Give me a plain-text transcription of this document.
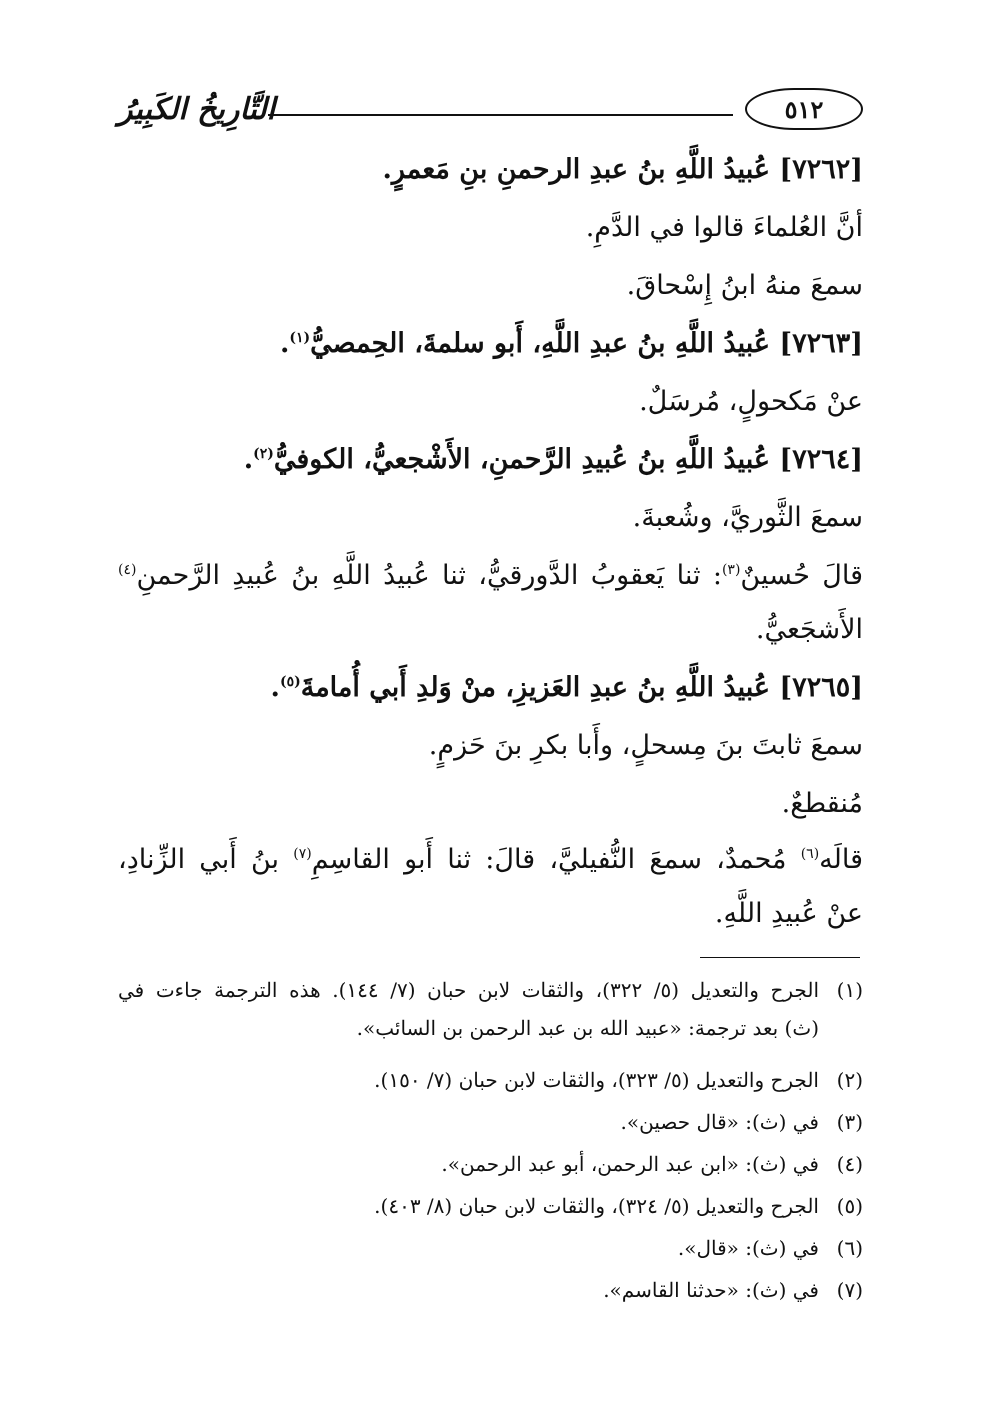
التَّارِيخُ الكَبِيرُ	٥١٢
[٧٢٦٢] عُبيدُ اللَّهِ بنُ عبدِ الرحمنِ بنِ مَعمرٍ.
أنَّ العُلماءَ قالوا في الدَّمِ.
سمعَ منهُ ابنُ إِسْحاقَ.
[٧٢٦٣] عُبيدُ اللَّهِ بنُ عبدِ اللَّهِ، أَبو سلمةَ، الحِمصيُّ$^{(١)}$.
عنْ مَكحولٍ، مُرسَلٌ.
[٧٢٦٤] عُبيدُ اللَّهِ بنُ عُبيدِ الرَّحمنِ، الأَشْجعيُّ، الكوفيُّ$^{(٢)}$.
سمعَ الثَّوريَّ، وشُعبةَ.
قالَ حُسينٌ$^{(٣)}$: ثنا يَعقوبُ الدَّورقيُّ، ثنا عُبيدُ اللَّهِ بنُ عُبيدِ الرَّحمنِ$^{(٤)}$
الأَشجَعيُّ.
[٧٢٦٥] عُبيدُ اللَّهِ بنُ عبدِ العَزيزِ، منْ وَلدِ أَبي أُمامةَ$^{(٥)}$.
سمعَ ثابتَ بنَ مِسحلٍ، وأَبا بكرِ بنَ حَزمٍ.
مُنقطعٌ.
قالَه$^{(٦)}$ مُحمدٌ، سمعَ النُّفيليَّ، قالَ: ثنا أَبو القاسِمِ$^{(٧)}$ بنُ أَبي الزِّنادِ،
عنْ عُبيدِ اللَّهِ.
(١)الجرح والتعديل (٥/ ٣٢٢)، والثقات لابن حبان (٧/ ١٤٤). هذه الترجمة جاءت في
(ث) بعد ترجمة: «عبيد الله بن عبد الرحمن بن السائب».
(٢)الجرح والتعديل (٥/ ٣٢٣)، والثقات لابن حبان (٧/ ١٥٠).
(٣)في (ث): «قال حصين».
(٤)في (ث): «ابن عبد الرحمن، أبو عبد الرحمن».
(٥)الجرح والتعديل (٥/ ٣٢٤)، والثقات لابن حبان (٨/ ٤٠٣).
(٦)في (ث): «قال».
(٧)في (ث): «حدثنا القاسم».
